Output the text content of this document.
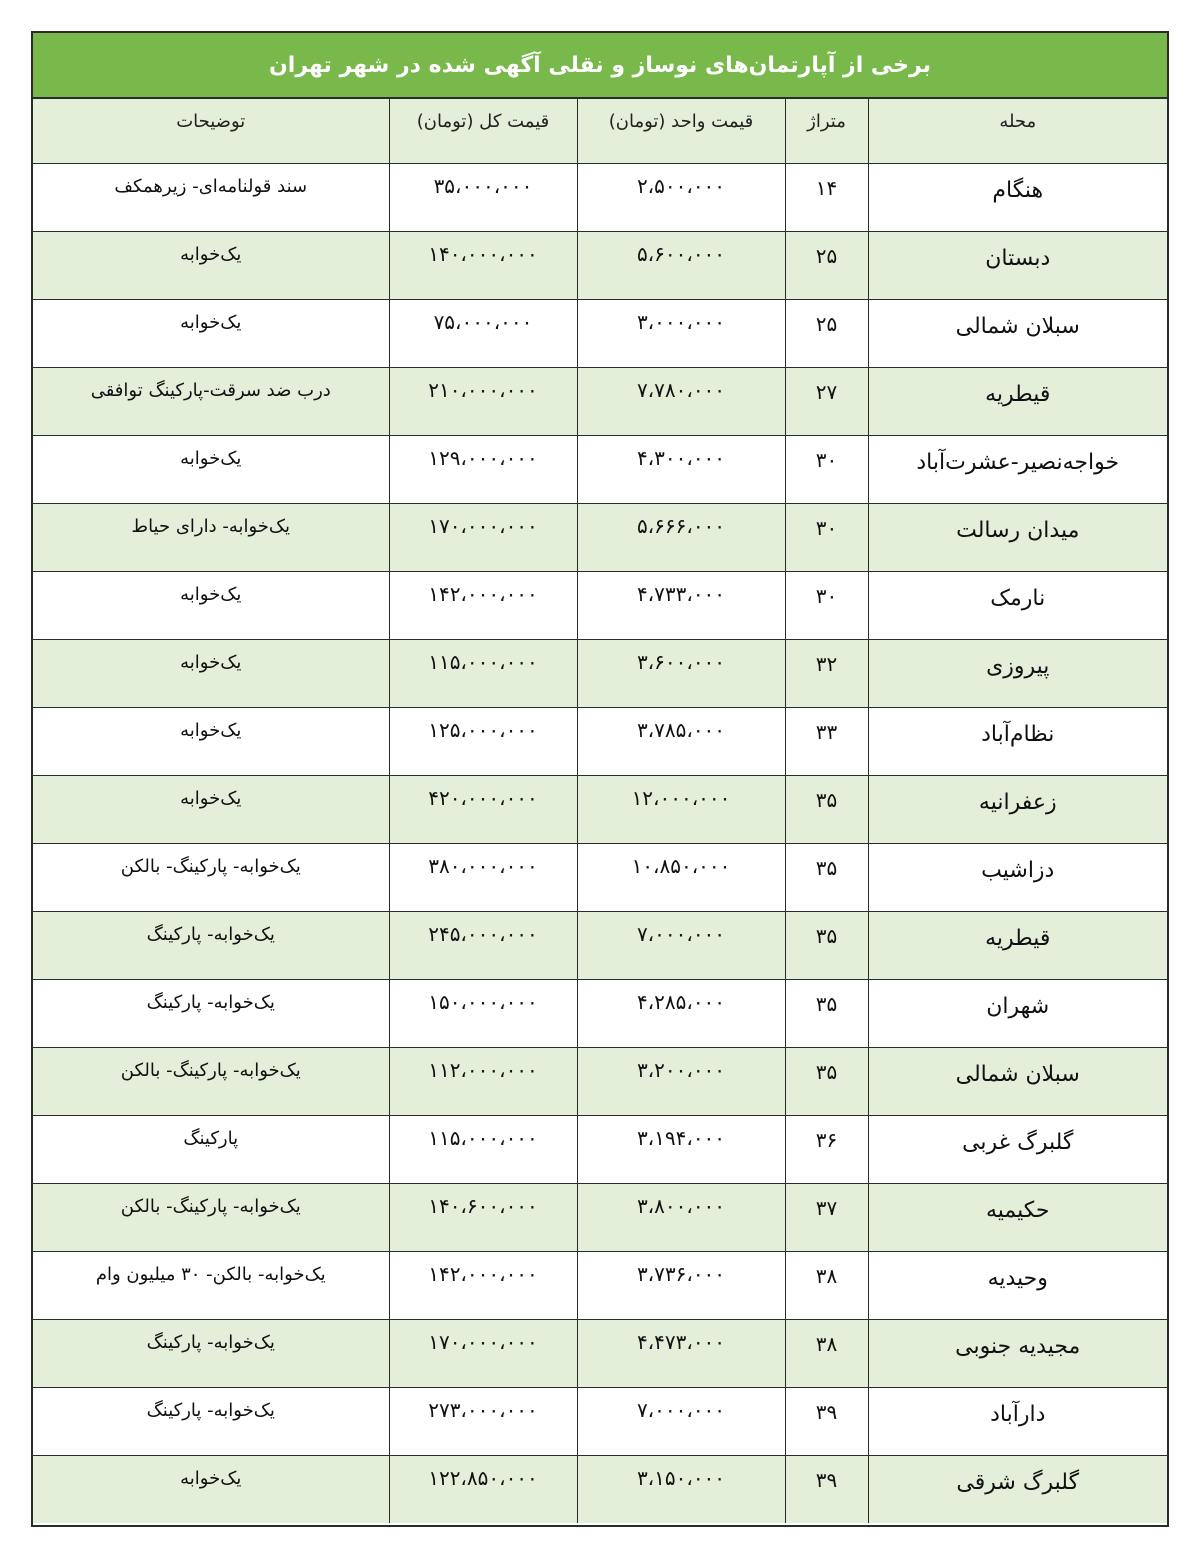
برخی از آپارتمان‌های نوساز و نقلی آگهی شده در شهر تهران
محله	متراژ	قیمت واحد (تومان)	قیمت کل (تومان)	توضیحات
هنگام	۱۴	۲،۵۰۰،۰۰۰	۳۵،۰۰۰،۰۰۰	سند قولنامه‌ای- زیرهمکف
دبستان	۲۵	۵،۶۰۰،۰۰۰	۱۴۰،۰۰۰،۰۰۰	یک‌خوابه
سبلان شمالی	۲۵	۳،۰۰۰،۰۰۰	۷۵،۰۰۰،۰۰۰	یک‌خوابه
قیطریه	۲۷	۷،۷۸۰،۰۰۰	۲۱۰،۰۰۰،۰۰۰	درب ضد سرقت-پارکینگ توافقی
خواجه‌نصیر-عشرت‌آباد	۳۰	۴،۳۰۰،۰۰۰	۱۲۹،۰۰۰،۰۰۰	یک‌خوابه
میدان رسالت	۳۰	۵،۶۶۶،۰۰۰	۱۷۰،۰۰۰،۰۰۰	یک‌خوابه- دارای حیاط
نارمک	۳۰	۴،۷۳۳،۰۰۰	۱۴۲،۰۰۰،۰۰۰	یک‌خوابه
پیروزی	۳۲	۳،۶۰۰،۰۰۰	۱۱۵،۰۰۰،۰۰۰	یک‌خوابه
نظام‌آباد	۳۳	۳،۷۸۵،۰۰۰	۱۲۵،۰۰۰،۰۰۰	یک‌خوابه
زعفرانیه	۳۵	۱۲،۰۰۰،۰۰۰	۴۲۰،۰۰۰،۰۰۰	یک‌خوابه
دزاشیب	۳۵	۱۰،۸۵۰،۰۰۰	۳۸۰،۰۰۰،۰۰۰	یک‌خوابه- پارکینگ- بالکن
قیطریه	۳۵	۷،۰۰۰،۰۰۰	۲۴۵،۰۰۰،۰۰۰	یک‌خوابه- پارکینگ
شهران	۳۵	۴،۲۸۵،۰۰۰	۱۵۰،۰۰۰،۰۰۰	یک‌خوابه- پارکینگ
سبلان شمالی	۳۵	۳،۲۰۰،۰۰۰	۱۱۲،۰۰۰،۰۰۰	یک‌خوابه- پارکینگ- بالکن
گلبرگ غربی	۳۶	۳،۱۹۴،۰۰۰	۱۱۵،۰۰۰،۰۰۰	پارکینگ
حکیمیه	۳۷	۳،۸۰۰،۰۰۰	۱۴۰،۶۰۰،۰۰۰	یک‌خوابه- پارکینگ- بالکن
وحیدیه	۳۸	۳،۷۳۶،۰۰۰	۱۴۲،۰۰۰،۰۰۰	یک‌خوابه- بالکن- ۳۰ میلیون وام
مجیدیه جنوبی	۳۸	۴،۴۷۳،۰۰۰	۱۷۰،۰۰۰،۰۰۰	یک‌خوابه- پارکینگ
دارآباد	۳۹	۷،۰۰۰،۰۰۰	۲۷۳،۰۰۰،۰۰۰	یک‌خوابه- پارکینگ
گلبرگ شرقی	۳۹	۳،۱۵۰،۰۰۰	۱۲۲،۸۵۰،۰۰۰	یک‌خوابه
